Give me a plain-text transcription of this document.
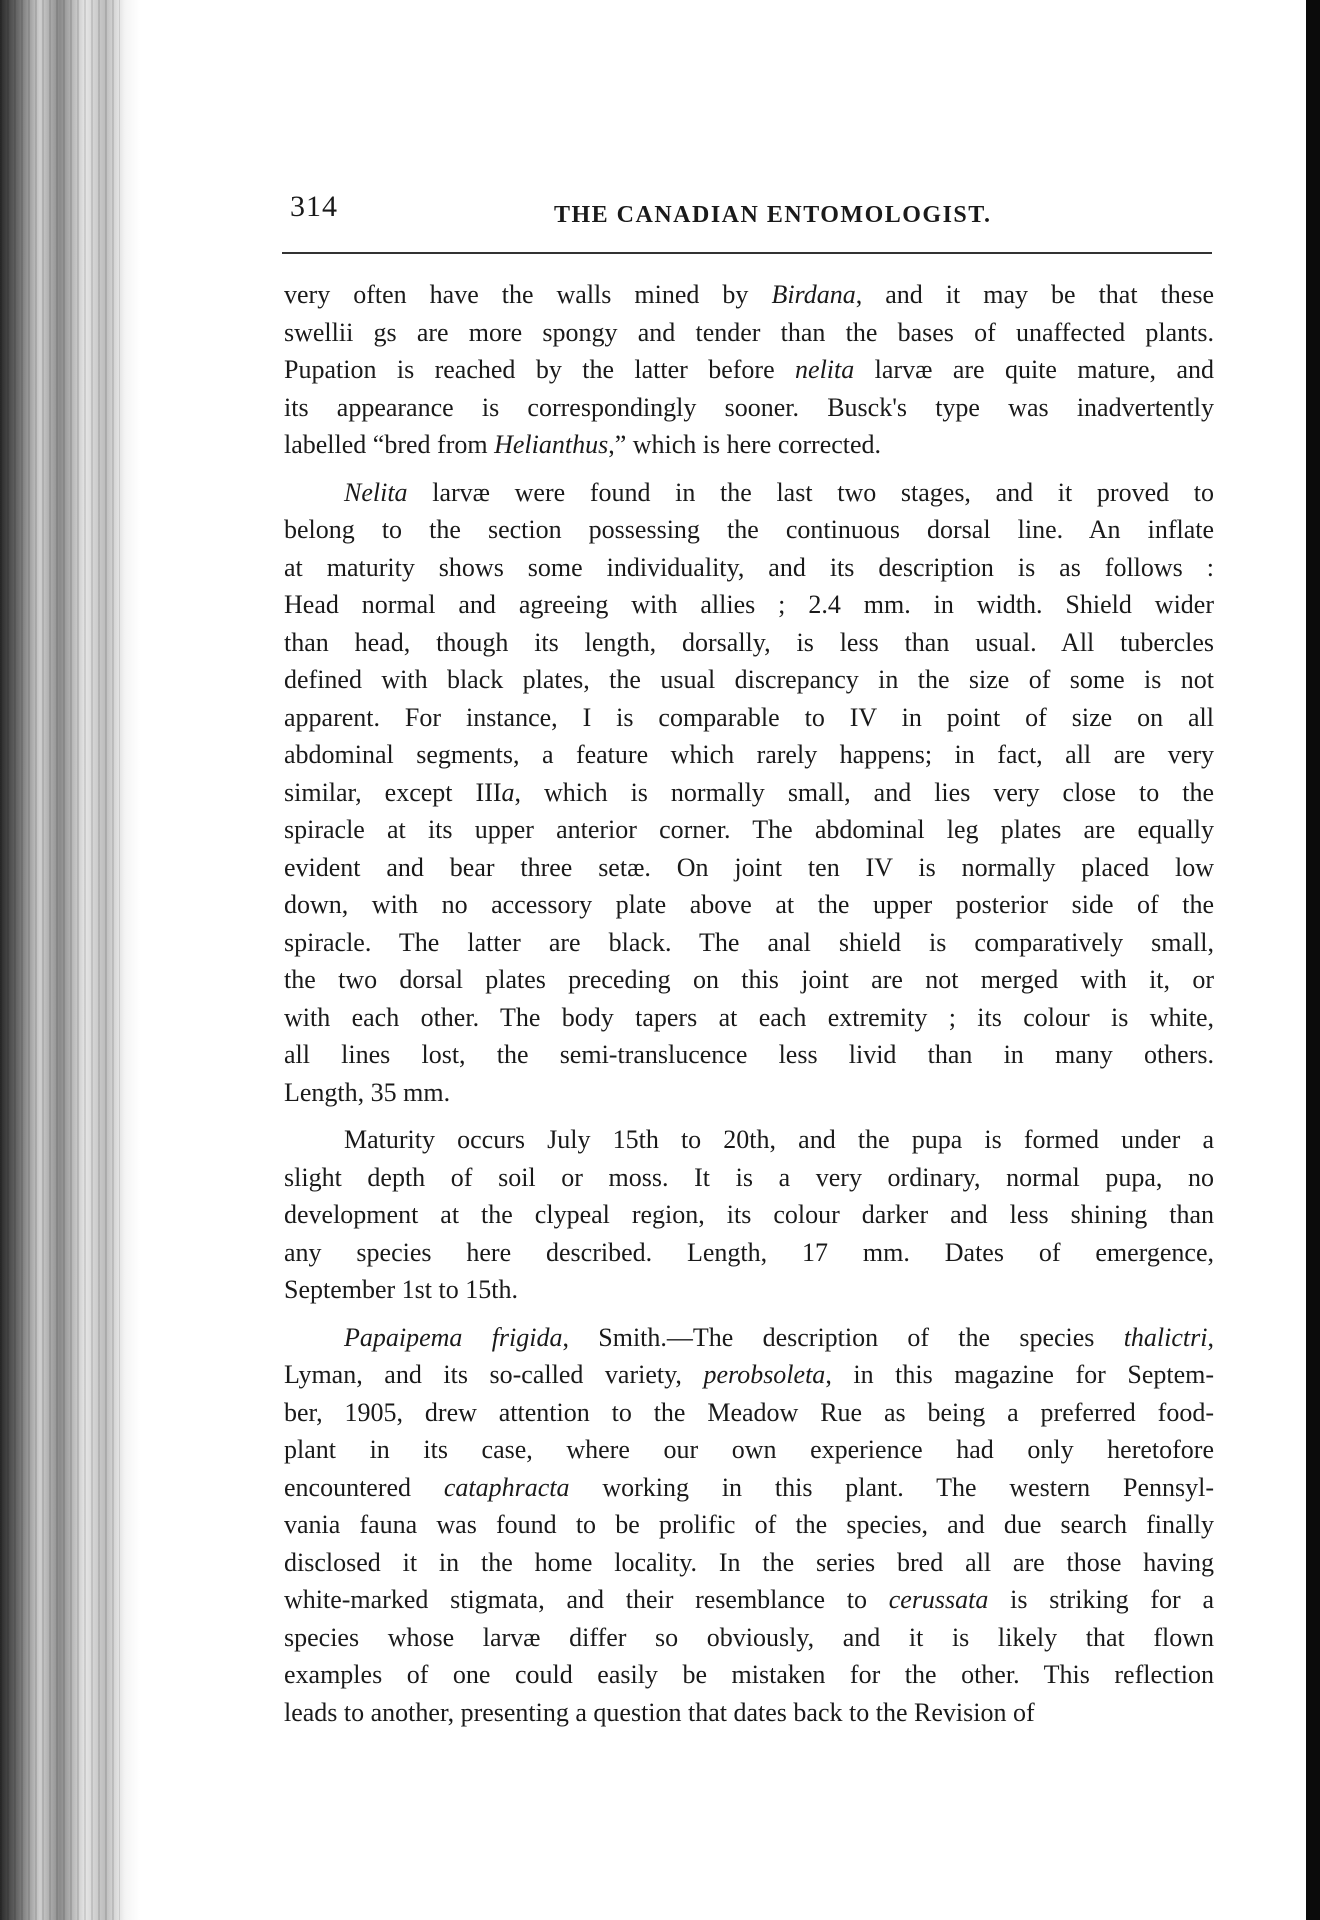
314	THE CANADIAN ENTOMOLOGIST.
very often have the walls mined by Birdana, and it may be that these
swellii gs are more spongy and tender than the bases of unaffected plants.
Pupation is reached by the latter before nelita larvæ are quite mature, and
its appearance is correspondingly sooner. Busck's type was inadvertently
labelled “bred from Helianthus,” which is here corrected.
Nelita larvæ were found in the last two stages, and it proved to
belong to the section possessing the continuous dorsal line. An inflate
at maturity shows some individuality, and its description is as follows :
Head normal and agreeing with allies ; 2.4 mm. in width. Shield wider
than head, though its length, dorsally, is less than usual. All tubercles
defined with black plates, the usual discrepancy in the size of some is not
apparent. For instance, I is comparable to IV in point of size on all
abdominal segments, a feature which rarely happens; in fact, all are very
similar, except IIIa, which is normally small, and lies very close to the
spiracle at its upper anterior corner. The abdominal leg plates are equally
evident and bear three setæ. On joint ten IV is normally placed low
down, with no accessory plate above at the upper posterior side of the
spiracle. The latter are black. The anal shield is comparatively small,
the two dorsal plates preceding on this joint are not merged with it, or
with each other. The body tapers at each extremity ; its colour is white,
all lines lost, the semi-translucence less livid than in many others.
Length, 35 mm.
Maturity occurs July 15th to 20th, and the pupa is formed under a
slight depth of soil or moss. It is a very ordinary, normal pupa, no
development at the clypeal region, its colour darker and less shining than
any species here described. Length, 17 mm. Dates of emergence,
September 1st to 15th.
Papaipema frigida, Smith.—The description of the species thalictri,
Lyman, and its so-called variety, perobsoleta, in this magazine for Septem-
ber, 1905, drew attention to the Meadow Rue as being a preferred food-
plant in its case, where our own experience had only heretofore
encountered cataphracta working in this plant. The western Pennsyl-
vania fauna was found to be prolific of the species, and due search finally
disclosed it in the home locality. In the series bred all are those having
white-marked stigmata, and their resemblance to cerussata is striking for a
species whose larvæ differ so obviously, and it is likely that flown
examples of one could easily be mistaken for the other. This reflection
leads to another, presenting a question that dates back to the Revision of
